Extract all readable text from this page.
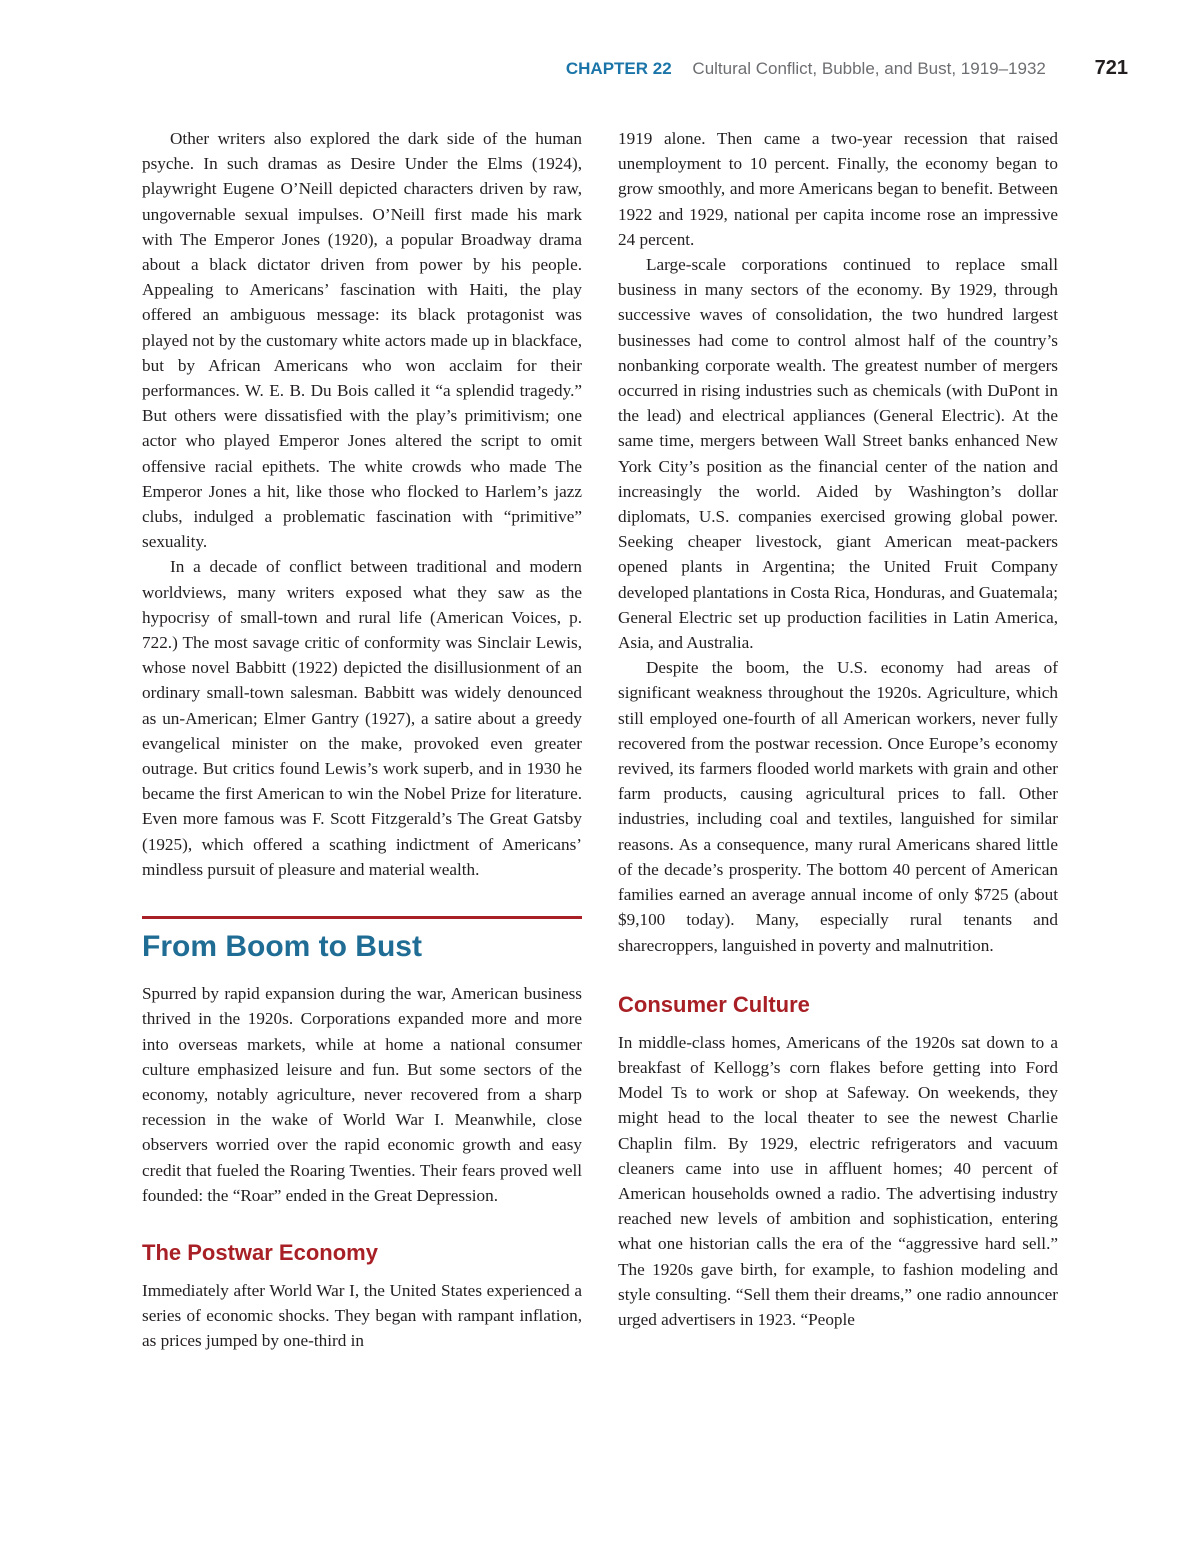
CHAPTER 22 Cultural Conflict, Bubble, and Bust, 1919–1932 721

Other writers also explored the dark side of the human psyche. In such dramas as Desire Under the Elms (1924), playwright Eugene O’Neill depicted characters driven by raw, ungovernable sexual impulses. O’Neill first made his mark with The Emperor Jones (1920), a popular Broadway drama about a black dictator driven from power by his people. Appealing to Americans’ fascination with Haiti, the play offered an ambiguous message: its black protagonist was played not by the customary white actors made up in blackface, but by African Americans who won acclaim for their performances. W. E. B. Du Bois called it “a splendid tragedy.” But others were dissatisfied with the play’s primitivism; one actor who played Emperor Jones altered the script to omit offensive racial epithets. The white crowds who made The Emperor Jones a hit, like those who flocked to Harlem’s jazz clubs, indulged a problematic fascination with “primitive” sexuality.

In a decade of conflict between traditional and modern worldviews, many writers exposed what they saw as the hypocrisy of small-town and rural life (American Voices, p. 722.) The most savage critic of conformity was Sinclair Lewis, whose novel Babbitt (1922) depicted the disillusionment of an ordinary small-town salesman. Babbitt was widely denounced as un-American; Elmer Gantry (1927), a satire about a greedy evangelical minister on the make, provoked even greater outrage. But critics found Lewis’s work superb, and in 1930 he became the first American to win the Nobel Prize for literature. Even more famous was F. Scott Fitzgerald’s The Great Gatsby (1925), which offered a scathing indictment of Americans’ mindless pursuit of pleasure and material wealth.

From Boom to Bust

Spurred by rapid expansion during the war, American business thrived in the 1920s. Corporations expanded more and more into overseas markets, while at home a national consumer culture emphasized leisure and fun. But some sectors of the economy, notably agriculture, never recovered from a sharp recession in the wake of World War I. Meanwhile, close observers worried over the rapid economic growth and easy credit that fueled the Roaring Twenties. Their fears proved well founded: the “Roar” ended in the Great Depression.

The Postwar Economy

Immediately after World War I, the United States experienced a series of economic shocks. They began with rampant inflation, as prices jumped by one-third in

1919 alone. Then came a two-year recession that raised unemployment to 10 percent. Finally, the economy began to grow smoothly, and more Americans began to benefit. Between 1922 and 1929, national per capita income rose an impressive 24 percent.

Large-scale corporations continued to replace small business in many sectors of the economy. By 1929, through successive waves of consolidation, the two hundred largest businesses had come to control almost half of the country’s nonbanking corporate wealth. The greatest number of mergers occurred in rising industries such as chemicals (with DuPont in the lead) and electrical appliances (General Electric). At the same time, mergers between Wall Street banks enhanced New York City’s position as the financial center of the nation and increasingly the world. Aided by Washington’s dollar diplomats, U.S. companies exercised growing global power. Seeking cheaper livestock, giant American meat-packers opened plants in Argentina; the United Fruit Company developed plantations in Costa Rica, Honduras, and Guatemala; General Electric set up production facilities in Latin America, Asia, and Australia.

Despite the boom, the U.S. economy had areas of significant weakness throughout the 1920s. Agriculture, which still employed one-fourth of all American workers, never fully recovered from the postwar recession. Once Europe’s economy revived, its farmers flooded world markets with grain and other farm products, causing agricultural prices to fall. Other industries, including coal and textiles, languished for similar reasons. As a consequence, many rural Americans shared little of the decade’s prosperity. The bottom 40 percent of American families earned an average annual income of only $725 (about $9,100 today). Many, especially rural tenants and sharecroppers, languished in poverty and malnutrition.

Consumer Culture

In middle-class homes, Americans of the 1920s sat down to a breakfast of Kellogg’s corn flakes before getting into Ford Model Ts to work or shop at Safeway. On weekends, they might head to the local theater to see the newest Charlie Chaplin film. By 1929, electric refrigerators and vacuum cleaners came into use in affluent homes; 40 percent of American households owned a radio. The advertising industry reached new levels of ambition and sophistication, entering what one historian calls the era of the “aggressive hard sell.” The 1920s gave birth, for example, to fashion modeling and style consulting. “Sell them their dreams,” one radio announcer urged advertisers in 1923. “People
